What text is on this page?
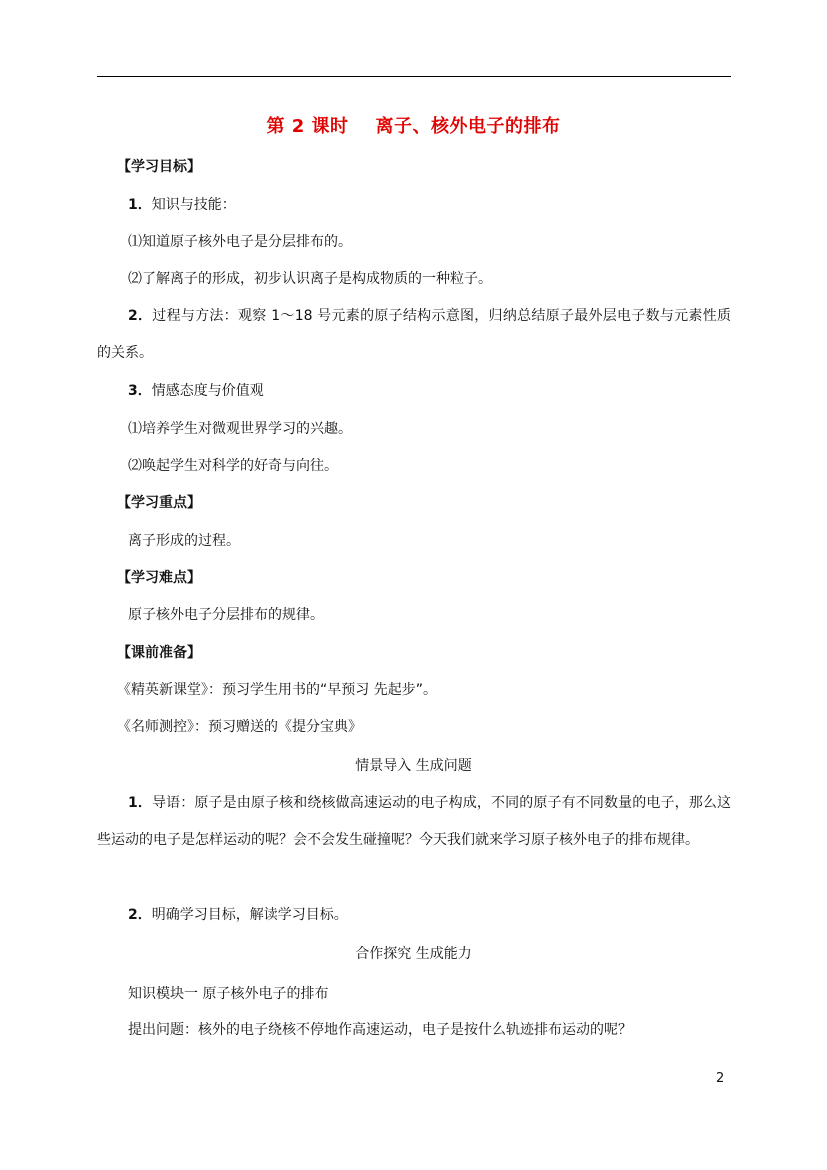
第 2 课时    离子、核外电子的排布
【学习目标】
1．知识与技能：
⑴知道原子核外电子是分层排布的。
⑵了解离子的形成，初步认识离子是构成物质的一种粒子。
2．过程与方法：观察 1～18 号元素的原子结构示意图，归纳总结原子最外层电子数与元素性质的关系。
3．情感态度与价值观
⑴培养学生对微观世界学习的兴趣。
⑵唤起学生对科学的好奇与向往。
【学习重点】
离子形成的过程。
【学习难点】
原子核外电子分层排布的规律。
【课前准备】
《精英新课堂》：预习学生用书的“早预习 先起步”。
《名师测控》：预习赠送的《提分宝典》
情景导入 生成问题
1．导语：原子是由原子核和绕核做高速运动的电子构成，不同的原子有不同数量的电子，那么这些运动的电子是怎样运动的呢？会不会发生碰撞呢？今天我们就来学习原子核外电子的排布规律。
2．明确学习目标，解读学习目标。
合作探究 生成能力
知识模块一 原子核外电子的排布
提出问题：核外的电子绕核不停地作高速运动，电子是按什么轨迹排布运动的呢？
2
